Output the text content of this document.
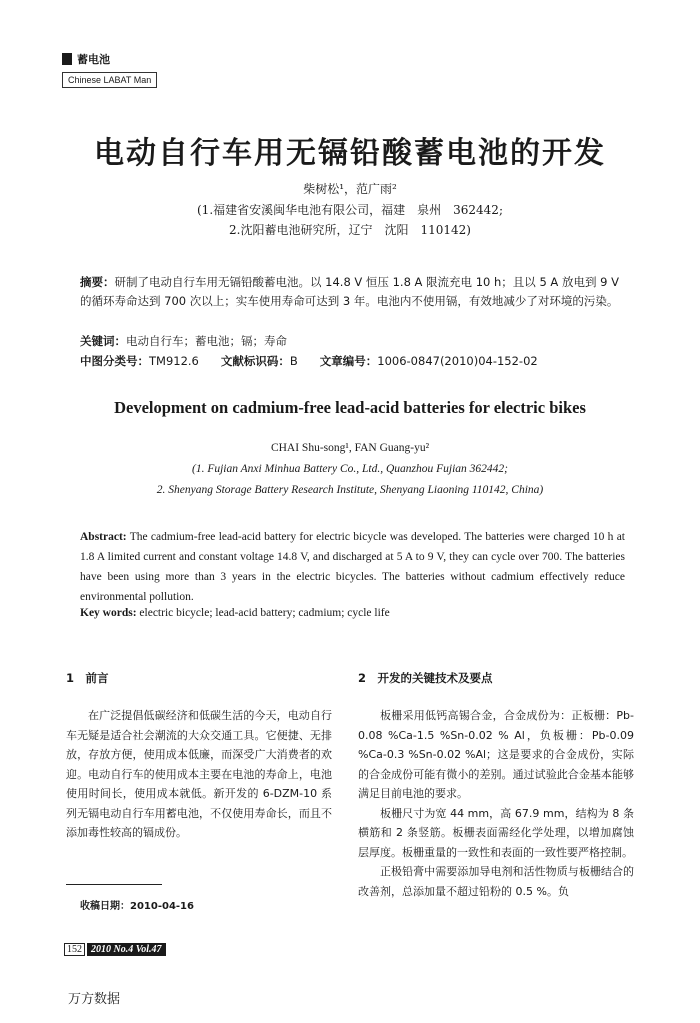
蓄电池
Chinese LABAT Man
电动自行车用无镉铅酸蓄电池的开发
柴树松¹，范广雨²
(1.福建省安溪闽华电池有限公司，福建　泉州　362442;
2.沈阳蓄电池研究所，辽宁　沈阳　110142)
摘要：研制了电动自行车用无镉铅酸蓄电池。以 14.8 V 恒压 1.8 A 限流充电 10 h；且以 5 A 放电到 9 V 的循环寿命达到 700 次以上；实车使用寿命可达到 3 年。电池内不使用镉，有效地减少了对环境的污染。
关键词：电动自行车；蓄电池；镉；寿命
中图分类号：TM912.6 文献标识码：B 文章编号：1006-0847(2010)04-152-02
Development on cadmium-free lead-acid batteries for electric bikes
CHAI Shu-song¹, FAN Guang-yu²
(1. Fujian Anxi Minhua Battery Co., Ltd., Quanzhou Fujian 362442;
2. Shenyang Storage Battery Research Institute, Shenyang Liaoning 110142, China)
Abstract: The cadmium-free lead-acid battery for electric bicycle was developed. The batteries were charged 10 h at 1.8 A limited current and constant voltage 14.8 V, and discharged at 5 A to 9 V, they can cycle over 700. The batteries have been using more than 3 years in the electric bicycles. The batteries without cadmium effectively reduce environmental pollution.
Key words: electric bicycle; lead-acid battery; cadmium; cycle life
1　前言

在广泛提倡低碳经济和低碳生活的今天，电动自行车无疑是适合社会潮流的大众交通工具。它便捷、无排放，存放方便，使用成本低廉，而深受广大消费者的欢迎。电动自行车的使用成本主要在电池的寿命上，电池使用时间长，使用成本就低。新开发的 6-DZM-10 系列无镉电动自行车用蓄电池，不仅使用寿命长，而且不添加毒性较高的镉成份。

2　开发的关键技术及要点

板栅采用低钙高锡合金，合金成份为：正板栅：Pb-0.08 %Ca-1.5 %Sn-0.02 % Al，负板栅：Pb-0.09 %Ca-0.3 %Sn-0.02 %Al；这是要求的合金成份，实际的合金成份可能有微小的差别。通过试验此合金基本能够满足目前电池的要求。

板栅尺寸为宽 44 mm，高 67.9 mm，结构为 8 条横筋和 2 条竖筋。板栅表面需经化学处理，以增加腐蚀层厚度。板栅重量的一致性和表面的一致性要严格控制。

正极铅膏中需要添加导电剂和活性物质与板栅结合的改善剂，总添加量不超过铅粉的 0.5 %。负

收稿日期：2010-04-16
152 2010 No.4 Vol.47
万方数据
